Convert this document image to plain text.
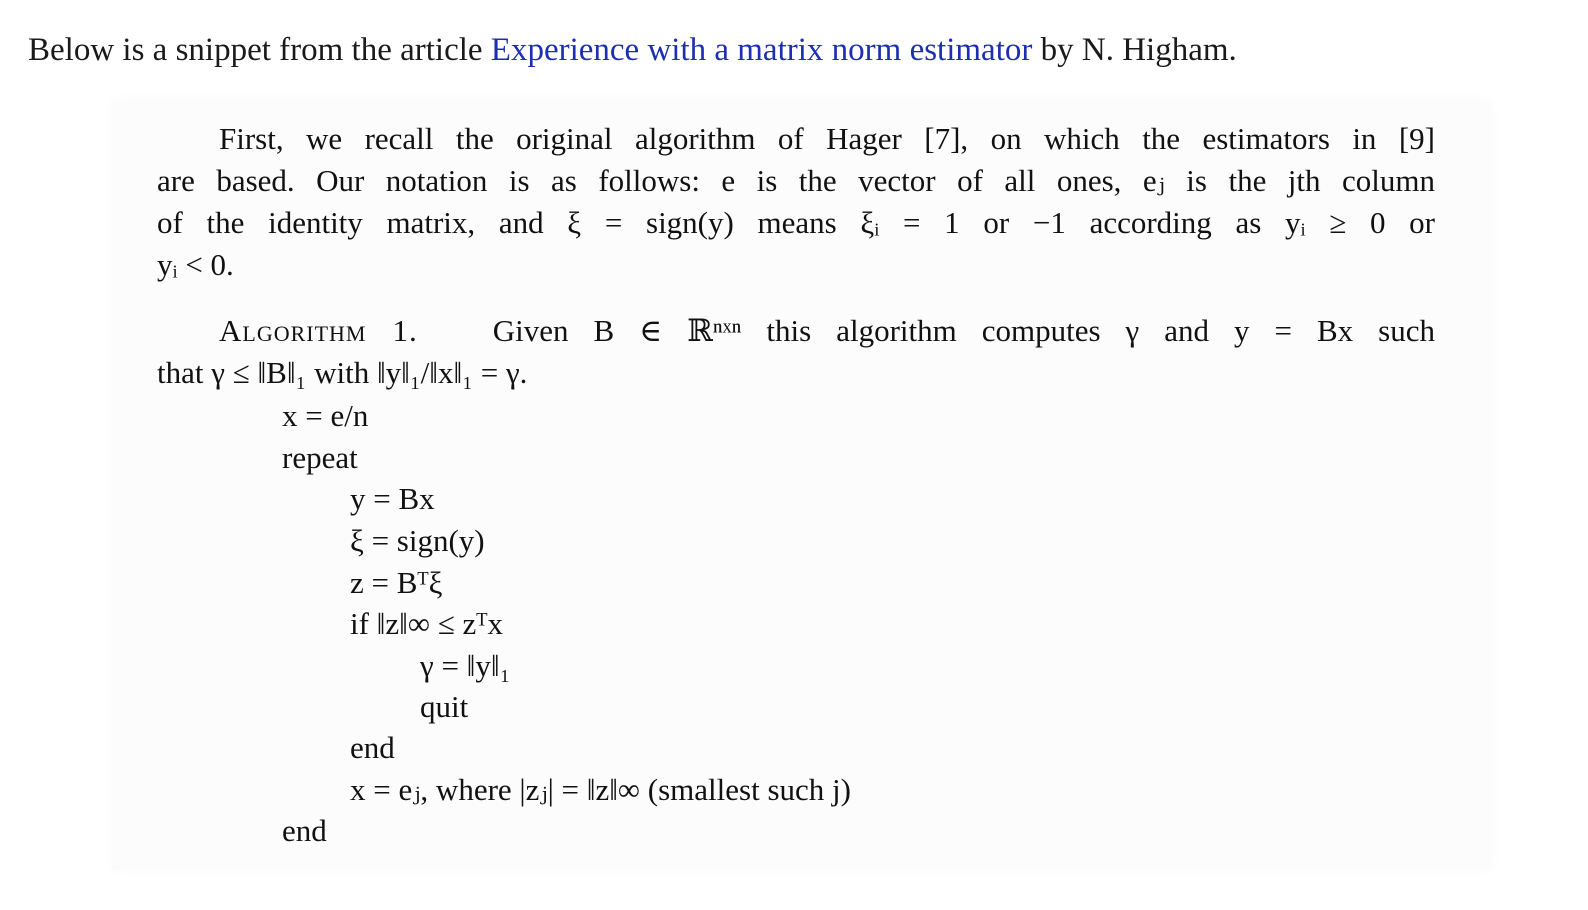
Below is a snippet from the article Experience with a matrix norm estimator by N. Higham.
First, we recall the original algorithm of Hager [7], on which the estimators in [9]
are based. Our notation is as follows: e is the vector of all ones, eⱼ is the jth column
of the identity matrix, and ξ = sign(y) means ξᵢ = 1 or −1 according as yᵢ ≥ 0 or
yᵢ < 0.
Algorithm 1. Given B ∈ ℝⁿˣⁿ this algorithm computes γ and y = Bx such
that γ ≤ ‖B‖₁ with ‖y‖₁/‖x‖₁ = γ.
x = e/n
repeat
y = Bx
ξ = sign(y)
z = Bᵀξ
if ‖z‖∞ ≤ zᵀx
γ = ‖y‖₁
quit
end
x = eⱼ, where |zⱼ| = ‖z‖∞ (smallest such j)
end
